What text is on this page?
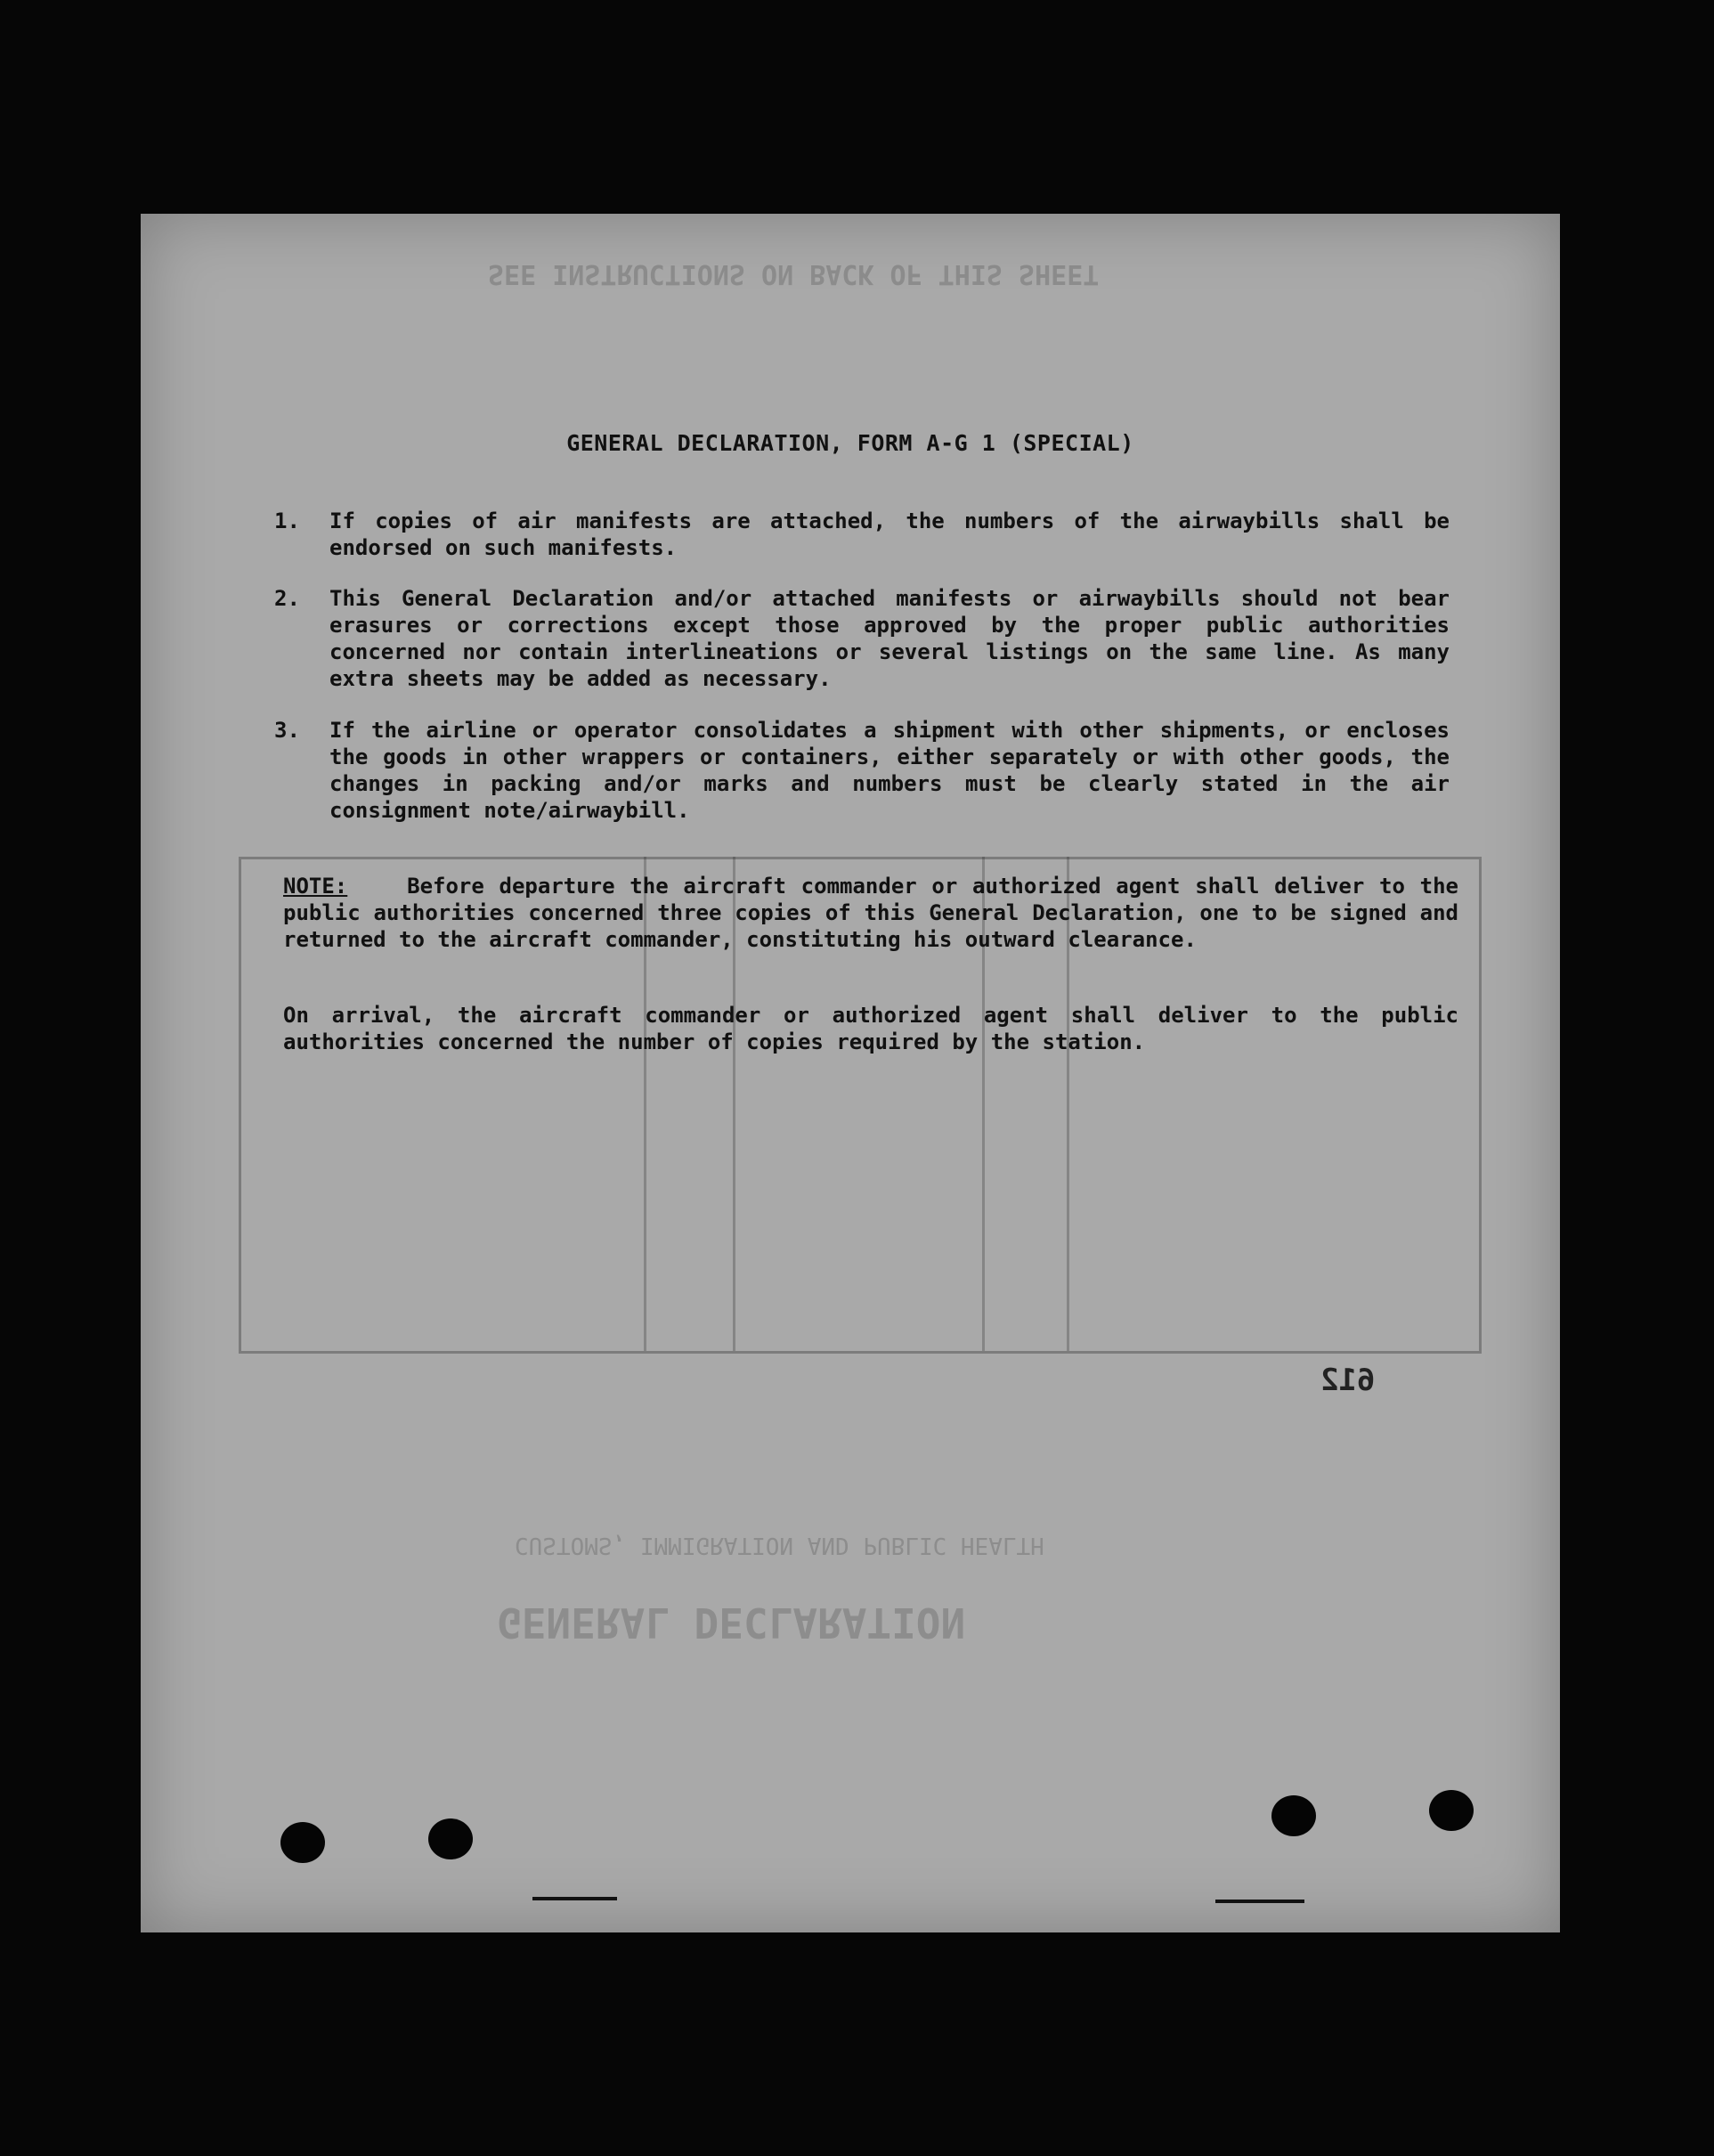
SEE INSTRUCTIONS ON BACK OF THIS SHEET
GENERAL DECLARATION
CUSTOMS, IMMIGRATION AND PUBLIC HEALTH
GENERAL DECLARATION, FORM A-G 1 (SPECIAL)
1.	If copies of air manifests are attached, the numbers of the airwaybills shall be endorsed on such manifests.
2.	This General Declaration and/or attached manifests or airwaybills should not bear erasures or corrections except those approved by the proper public authorities concerned nor contain interlineations or several listings on the same line. As many extra sheets may be added as necessary.
3.	If the airline or operator consolidates a shipment with other shipments, or encloses the goods in other wrappers or containers, either separately or with other goods, the changes in packing and/or marks and numbers must be clearly stated in the air consignment note/airwaybill.
NOTE:	Before departure the aircraft commander or authorized agent shall deliver to the public authorities concerned three copies of this General Declaration, one to be signed and returned to the aircraft commander, constituting his outward clearance.
On arrival, the aircraft commander or authorized agent shall deliver to the public authorities concerned the number of copies required by the station.
612
